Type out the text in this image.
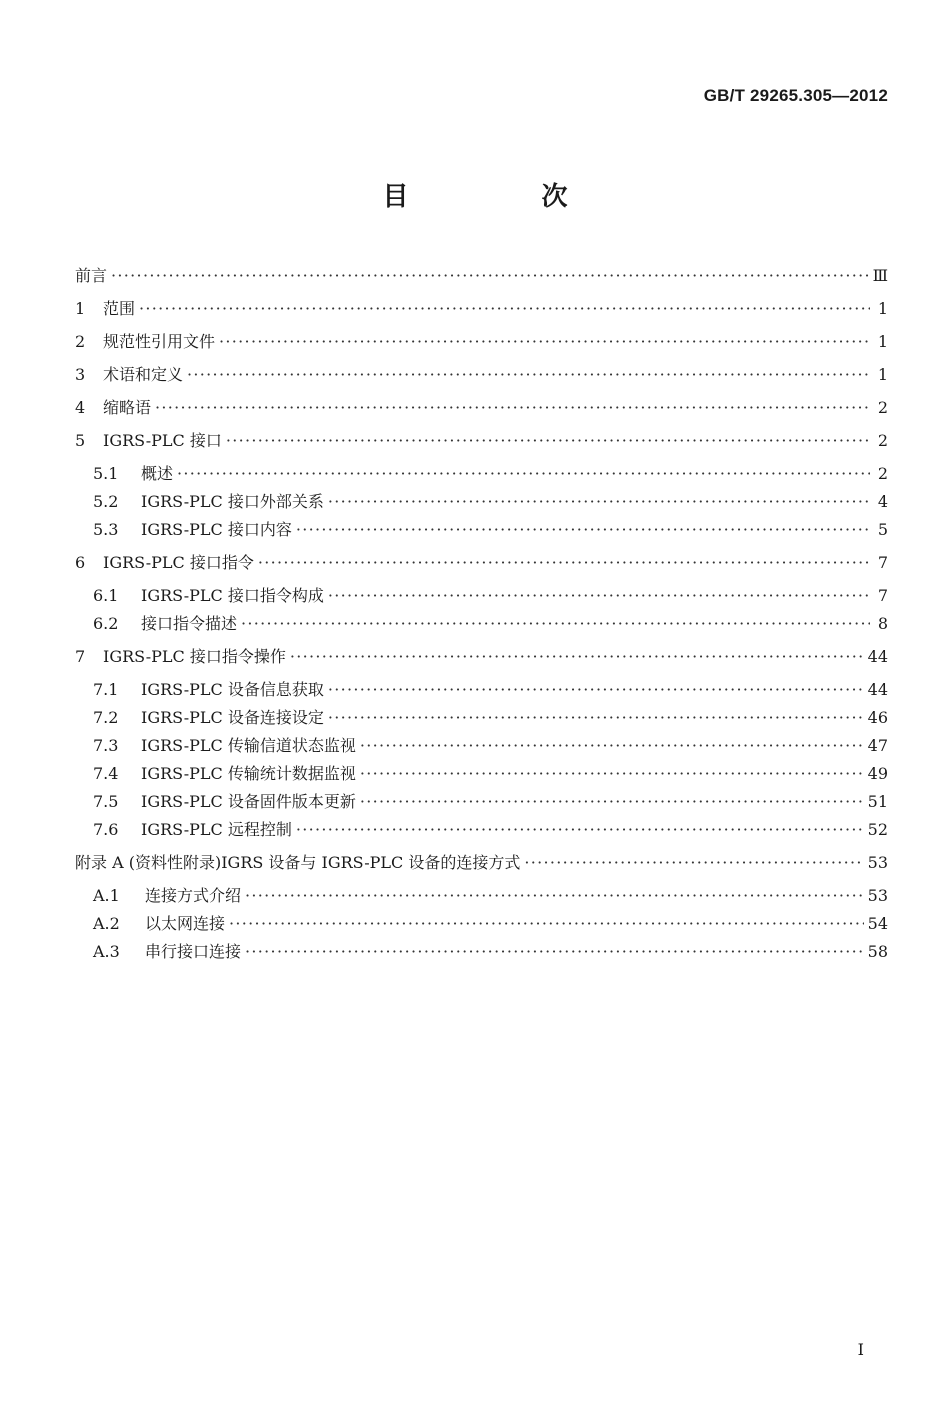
GB/T 29265.305—2012
目 次
前言 ·····	Ⅲ
1	范围 ·····	1
2	规范性引用文件 ·····	1
3	术语和定义 ·····	1
4	缩略语 ·····	2
5	IGRS-PLC 接口 ·····	2
5.1	概述 ·····	2
5.2	IGRS-PLC 接口外部关系 ·····	4
5.3	IGRS-PLC 接口内容 ·····	5
6	IGRS-PLC 接口指令 ·····	7
6.1	IGRS-PLC 接口指令构成 ·····	7
6.2	接口指令描述 ·····	8
7	IGRS-PLC 接口指令操作 ·····	44
7.1	IGRS-PLC 设备信息获取 ·····	44
7.2	IGRS-PLC 设备连接设定 ·····	46
7.3	IGRS-PLC 传输信道状态监视 ·····	47
7.4	IGRS-PLC 传输统计数据监视 ·····	49
7.5	IGRS-PLC 设备固件版本更新 ·····	51
7.6	IGRS-PLC 远程控制 ·····	52
附录 A (资料性附录)IGRS 设备与 IGRS-PLC 设备的连接方式 ·····	53
A.1	连接方式介绍 ·····	53
A.2	以太网连接 ·····	54
A.3	串行接口连接 ·····	58
I
